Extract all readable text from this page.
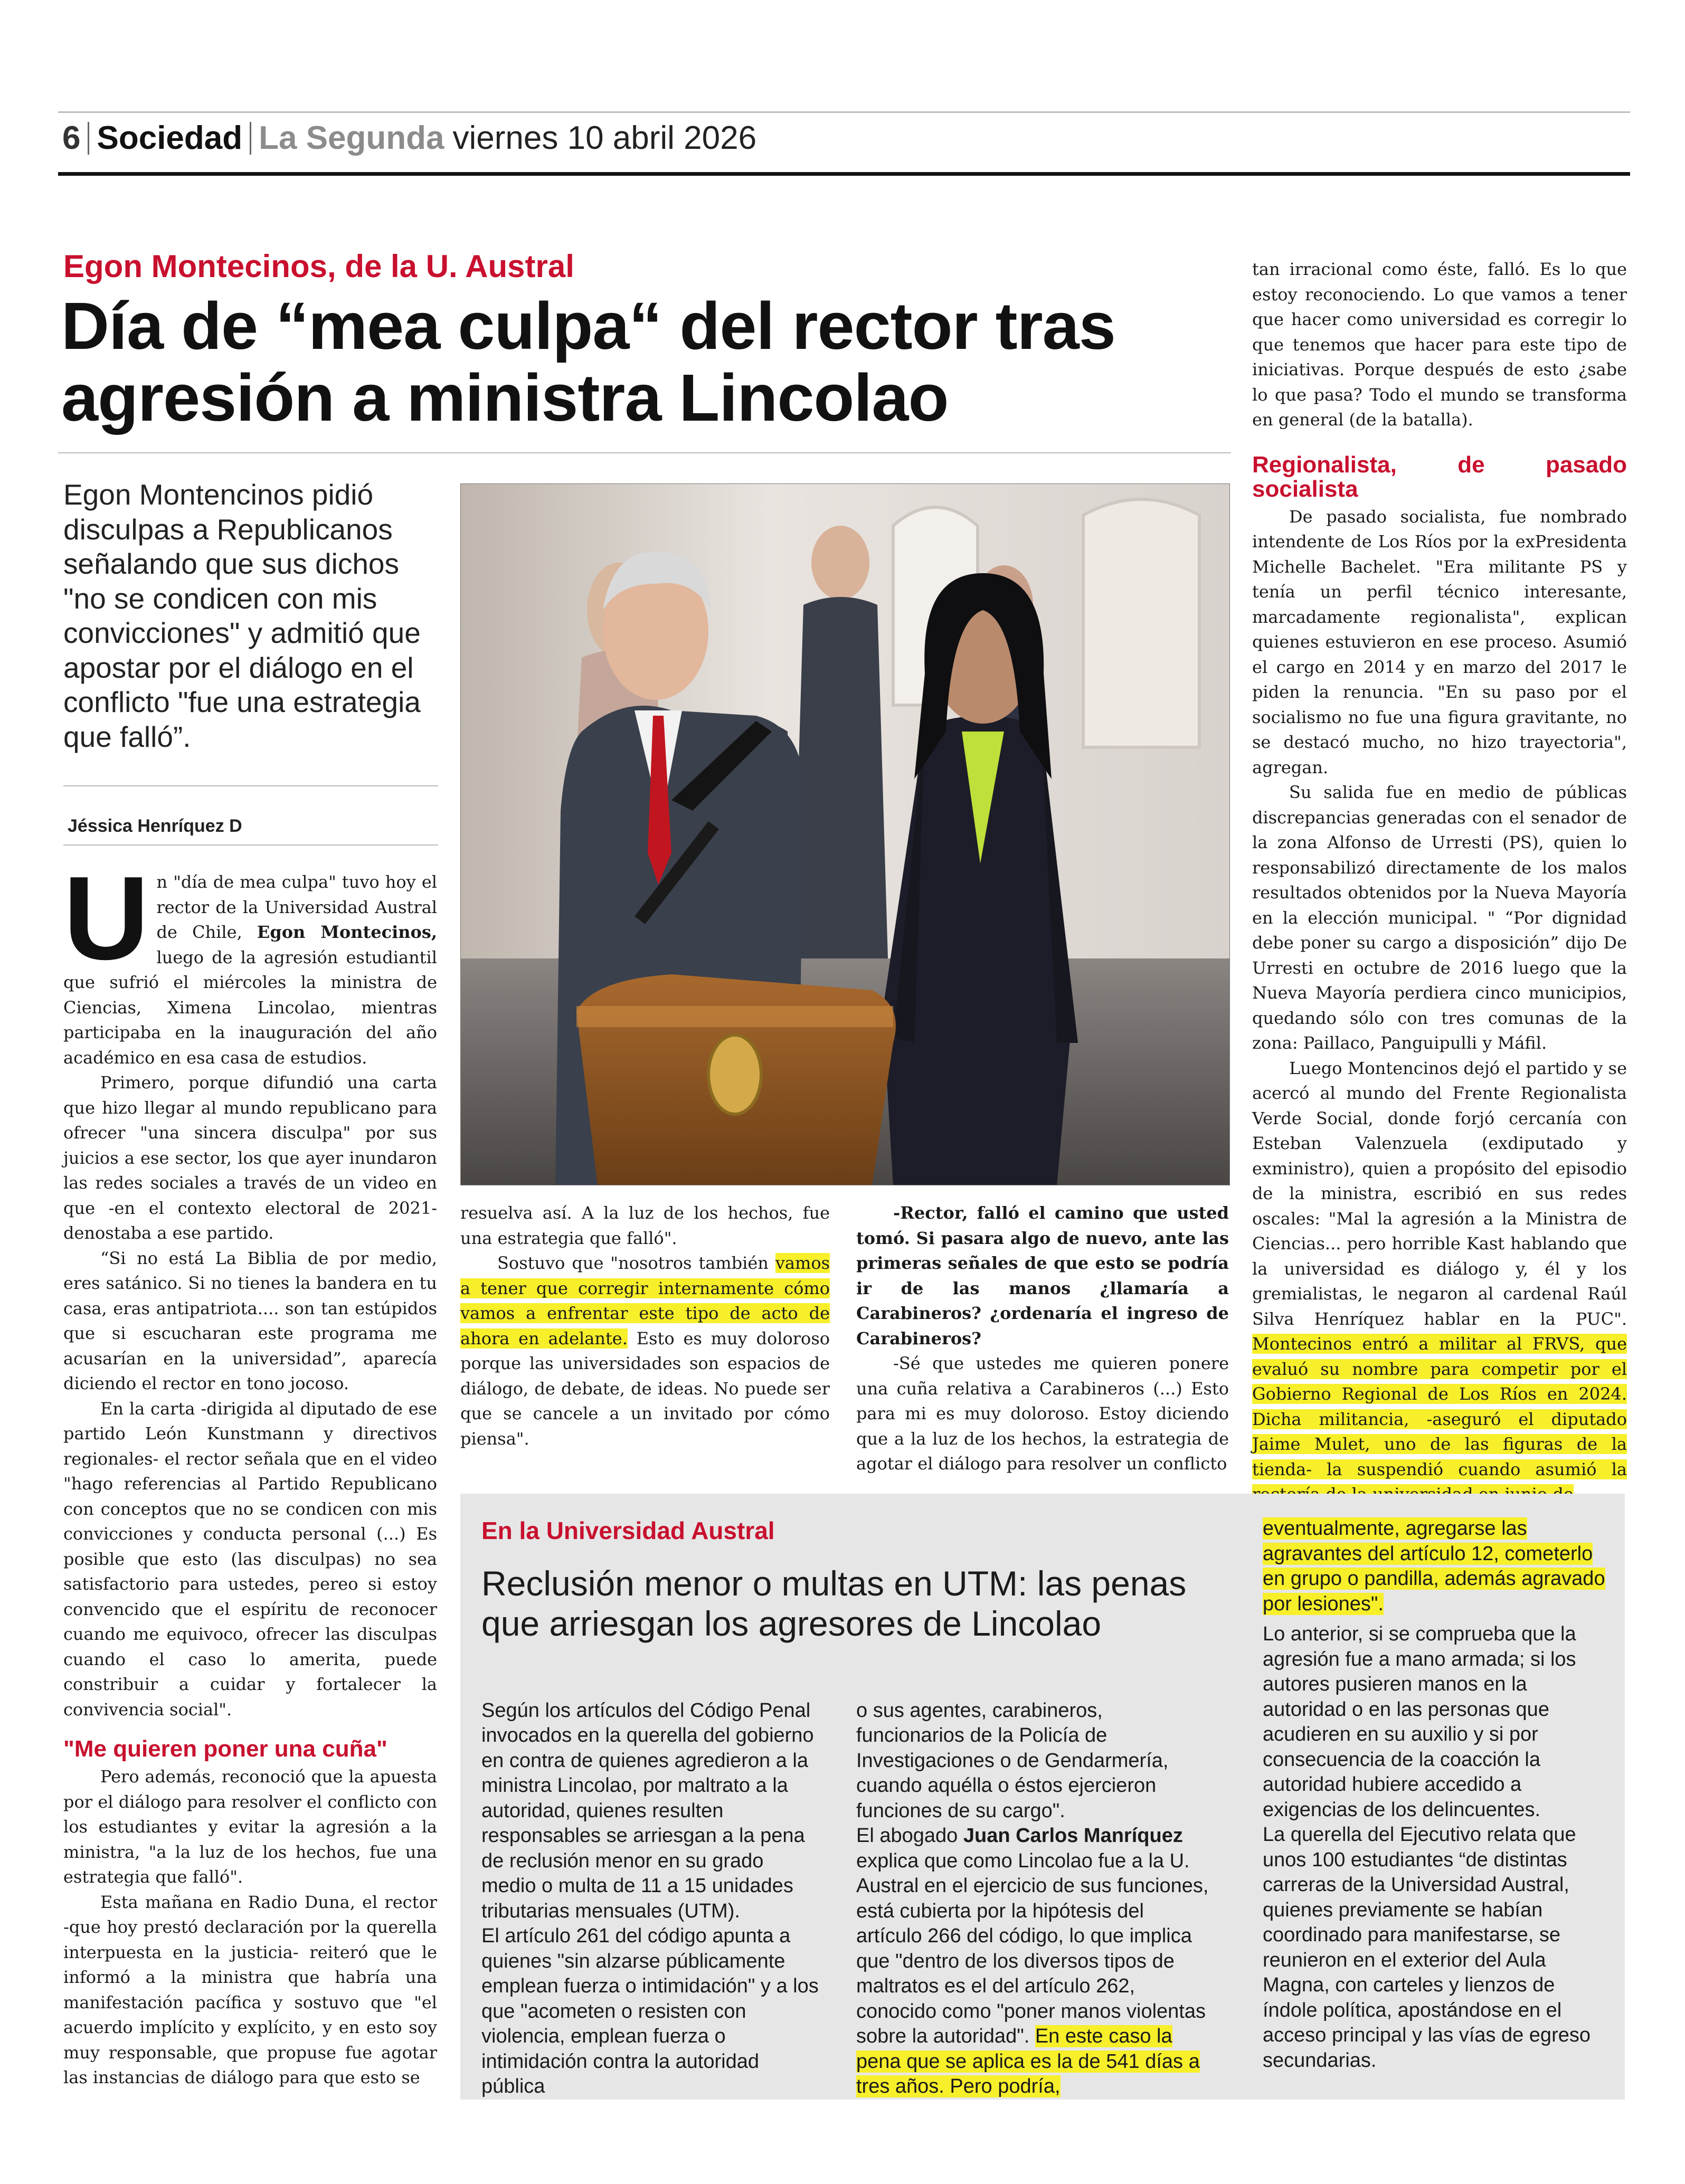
6 Sociedad La Segunda viernes 10 abril 2026
Egon Montecinos, de la U. Austral
Día de “mea culpa“ del rector tras
agresión a ministra Lincolao
Egon Montencinos pidió disculpas a Republicanos señalando que sus dichos "no se condicen con mis convicciones" y admitió que apostar por el diálogo en el conflicto "fue una estrategia que falló”.
Jéssica Henríquez D

Un "día de mea culpa" tuvo hoy el rector de la Universidad Austral de Chile, Egon Montecinos, luego de la agresión estudiantil que sufrió el miércoles la ministra de Ciencias, Ximena Lincolao, mientras participaba en la inauguración del año académico en esa casa de estudios.

Primero, porque difundió una carta que hizo llegar al mundo republicano para ofrecer "una sincera disculpa" por sus juicios a ese sector, los que ayer inundaron las redes sociales a través de un video en que -en el contexto electoral de 2021- denostaba a ese partido.

“Si no está La Biblia de por medio, eres satánico. Si no tienes la bandera en tu casa, eras antipatriota.... son tan estúpidos que si escucharan este programa me acusarían en la universidad”, aparecía diciendo el rector en tono jocoso.

En la carta -dirigida al diputado de ese partido León Kunstmann y directivos regionales- el rector señala que en el video "hago referencias al Partido Republicano con conceptos que no se condicen con mis convicciones y conducta personal (...) Es posible que esto (las disculpas) no sea satisfactorio para ustedes, pereo si estoy convencido que el espíritu de reconocer cuando me equivoco, ofrecer las disculpas cuando el caso lo amerita, puede constribuir a cuidar y fortalecer la convivencia social".

"Me quieren poner una cuña"

Pero además, reconoció que la apuesta por el diálogo para resolver el conflicto con los estudiantes y evitar la agresión a la ministra, "a la luz de los hechos, fue una estrategia que falló".

Esta mañana en Radio Duna, el rector -que hoy prestó declaración por la querella interpuesta en la justicia- reiteró que le informó a la ministra que habría una manifestación pacífica y sostuvo que "el acuerdo implícito y explícito, y en esto soy muy responsable, que propuse fue agotar las instancias de diálogo para que esto se

resuelva así. A la luz de los hechos, fue una estrategia que falló".

Sostuvo que "nosotros también vamos a tener que corregir internamente cómo vamos a enfrentar este tipo de acto de ahora en adelante. Esto es muy doloroso porque las universidades son espacios de diálogo, de debate, de ideas. No puede ser que se cancele a un invitado por cómo piensa".

-Rector, falló el camino que usted tomó. Si pasara algo de nuevo, ante las primeras señales de que esto se podría ir de las manos ¿llamaría a Carabineros? ¿ordenaría el ingreso de Carabineros?

-Sé que ustedes me quieren ponere una cuña relativa a Carabineros (...) Esto para mi es muy doloroso. Estoy diciendo que a la luz de los hechos, la estrategia de agotar el diálogo para resolver un conflicto

tan irracional como éste, falló. Es lo que estoy reconociendo. Lo que vamos a tener que hacer como universidad es corregir lo que tenemos que hacer para este tipo de iniciativas. Porque después de esto ¿sabe lo que pasa? Todo el mundo se transforma en general (de la batalla).

Regionalista, de pasado socialista

De pasado socialista, fue nombrado intendente de Los Ríos por la exPresidenta Michelle Bachelet. "Era militante PS y tenía un perfil técnico interesante, marcadamente regionalista", explican quienes estuvieron en ese proceso. Asumió el cargo en 2014 y en marzo del 2017 le piden la renuncia. "En su paso por el socialismo no fue una figura gravitante, no se destacó mucho, no hizo trayectoria", agregan.

Su salida fue en medio de públicas discrepancias generadas con el senador de la zona Alfonso de Urresti (PS), quien lo responsabilizó directamente de los malos resultados obtenidos por la Nueva Mayoría en la elección municipal. " “Por dignidad debe poner su cargo a disposición” dijo De Urresti en octubre de 2016 luego que la Nueva Mayoría perdiera cinco municipios, quedando sólo con tres comunas de la zona: Paillaco, Panguipulli y Máfil.

Luego Montencinos dejó el partido y se acercó al mundo del Frente Regionalista Verde Social, donde forjó cercanía con Esteban Valenzuela (exdiputado y exministro), quien a propósito del episodio de la ministra, escribió en sus redes oscales: "Mal la agresión a la Ministra de Ciencias... pero horrible Kast hablando que la universidad es diálogo y, él y los gremialistas, le negaron al cardenal Raúl Silva Henríquez hablar en la PUC". Montecinos entró a militar al FRVS, que evaluó su nombre para competir por el Gobierno Regional de Los Ríos en 2024. Dicha militancia, -aseguró el diputado Jaime Mulet, uno de las figuras de la tienda- la suspendió cuando asumió la

En la Universidad Austral
Reclusión menor o multas en UTM: las penas que arriesgan los agresores de Lincolao

Según los artículos del Código Penal invocados en la querella del gobierno en contra de quienes agredieron a la ministra Lincolao, por maltrato a la autoridad, quienes resulten responsables se arriesgan a la pena de reclusión menor en su grado medio o multa de 11 a 15 unidades tributarias mensuales (UTM).
El artículo 261 del código apunta a quienes "sin alzarse públicamente emplean fuerza o intimidación" y a los que "acometen o resisten con violencia, emplean fuerza o intimidación contra la autoridad pública

o sus agentes, carabineros, funcionarios de la Policía de Investigaciones o de Gendarmería, cuando aquélla o éstos ejercieron funciones de su cargo".
El abogado Juan Carlos Manríquez explica que como Lincolao fue a la U. Austral en el ejercicio de sus funciones, está cubierta por la hipótesis del artículo 266 del código, lo que implica que "dentro de los diversos tipos de maltratos es el del artículo 262, conocido como "poner manos violentas sobre la autoridad". En este caso la pena que se aplica es la de 541 días a tres años. Pero podría,

eventualmente, agregarse las agravantes del artículo 12, cometerlo en grupo o pandilla, además agravado por lesiones".
Lo anterior, si se comprueba que la agresión fue a mano armada; si los autores pusieren manos en la autoridad o en las personas que acudieren en su auxilio y si por consecuencia de la coacción la autoridad hubiere accedido a exigencias de los delincuentes.
La querella del Ejecutivo relata que unos 100 estudiantes “de distintas carreras de la Universidad Austral, quienes previamente se habían coordinado para manifestarse, se reunieron en el exterior del Aula Magna, con carteles y lienzos de índole política, apostándose en el acceso principal y las vías de egreso secundarias.
